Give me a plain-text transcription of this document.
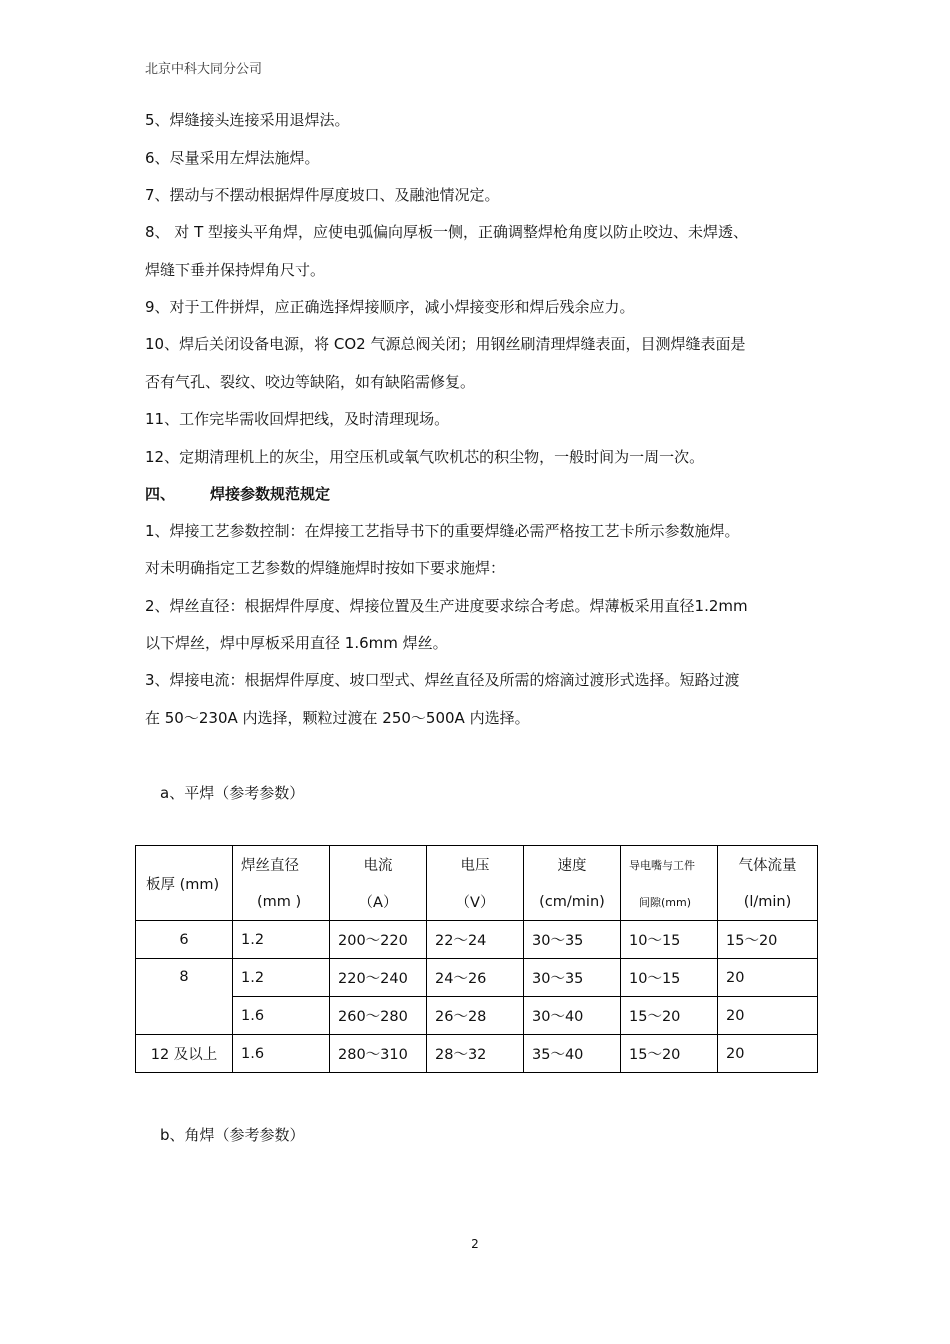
北京中科大同分公司
5、焊缝接头连接采用退焊法。
6、尽量采用左焊法施焊。
7、摆动与不摆动根据焊件厚度坡口、及融池情况定。
8、 对 T 型接头平角焊，应使电弧偏向厚板一侧，正确调整焊枪角度以防止咬边、未焊透、
焊缝下垂并保持焊角尺寸。
9、对于工件拼焊，应正确选择焊接顺序，减小焊接变形和焊后残余应力。
10、焊后关闭设备电源，将 CO2 气源总阀关闭；用钢丝刷清理焊缝表面，目测焊缝表面是
否有气孔、裂纹、咬边等缺陷，如有缺陷需修复。
11、工作完毕需收回焊把线，及时清理现场。
12、定期清理机上的灰尘，用空压机或氧气吹机芯的积尘物，一般时间为一周一次。
四、 焊接参数规范规定
1、焊接工艺参数控制：在焊接工艺指导书下的重要焊缝必需严格按工艺卡所示参数施焊。
对未明确指定工艺参数的焊缝施焊时按如下要求施焊：
2、焊丝直径：根据焊件厚度、焊接位置及生产进度要求综合考虑。焊薄板采用直径1.2mm
以下焊丝，焊中厚板采用直径 1.6mm 焊丝。
3、焊接电流：根据焊件厚度、坡口型式、焊丝直径及所需的熔滴过渡形式选择。短路过渡
在 50～230A 内选择，颗粒过渡在 250～500A 内选择。
a、平焊（参考参数）
板厚 (mm)	焊丝直径	电流	电压	速度	导电嘴与工件	气体流量
	(mm )	（A）	（V）	(cm/min)	间隙(mm)	(l/min)
6	1.2	200～220	22～24	30～35	10～15	15～20
8	1.2	220～240	24～26	30～35	10～15	20
	1.6	260～280	26～28	30～40	15～20	20
12 及以上	1.6	280～310	28～32	35～40	15～20	20
b、角焊（参考参数）
2
